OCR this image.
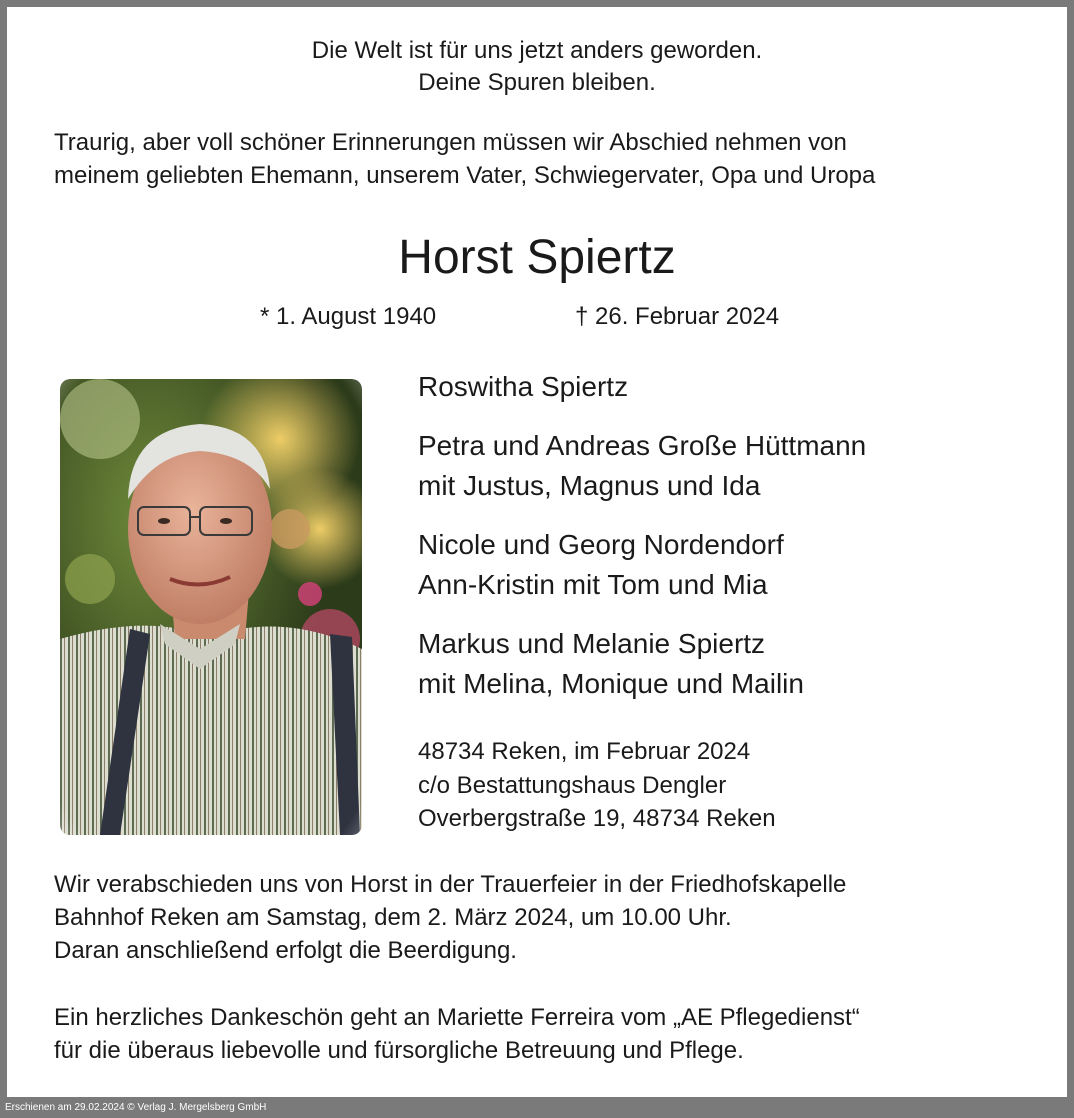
Die Welt ist für uns jetzt anders geworden.
Deine Spuren bleiben.
Traurig, aber voll schöner Erinnerungen müssen wir Abschied nehmen von
meinem geliebten Ehemann, unserem Vater, Schwiegervater, Opa und Uropa
Horst Spiertz
* 1. August 1940	† 26. Februar 2024
Roswitha Spiertz
Petra und Andreas Große Hüttmann
mit Justus, Magnus und Ida
Nicole und Georg Nordendorf
Ann-Kristin mit Tom und Mia
Markus und Melanie Spiertz
mit Melina, Monique und Mailin
48734 Reken, im Februar 2024
c/o Bestattungshaus Dengler
Overbergstraße 19, 48734 Reken
Wir verabschieden uns von Horst in der Trauerfeier in der Friedhofskapelle
Bahnhof Reken am Samstag, dem 2. März 2024, um 10.00 Uhr.
Daran anschließend erfolgt die Beerdigung.
Ein herzliches Dankeschön geht an Mariette Ferreira vom „AE Pflegedienst“
für die überaus liebevolle und fürsorgliche Betreuung und Pflege.
Erschienen am 29.02.2024 © Verlag J. Mergelsberg GmbH
